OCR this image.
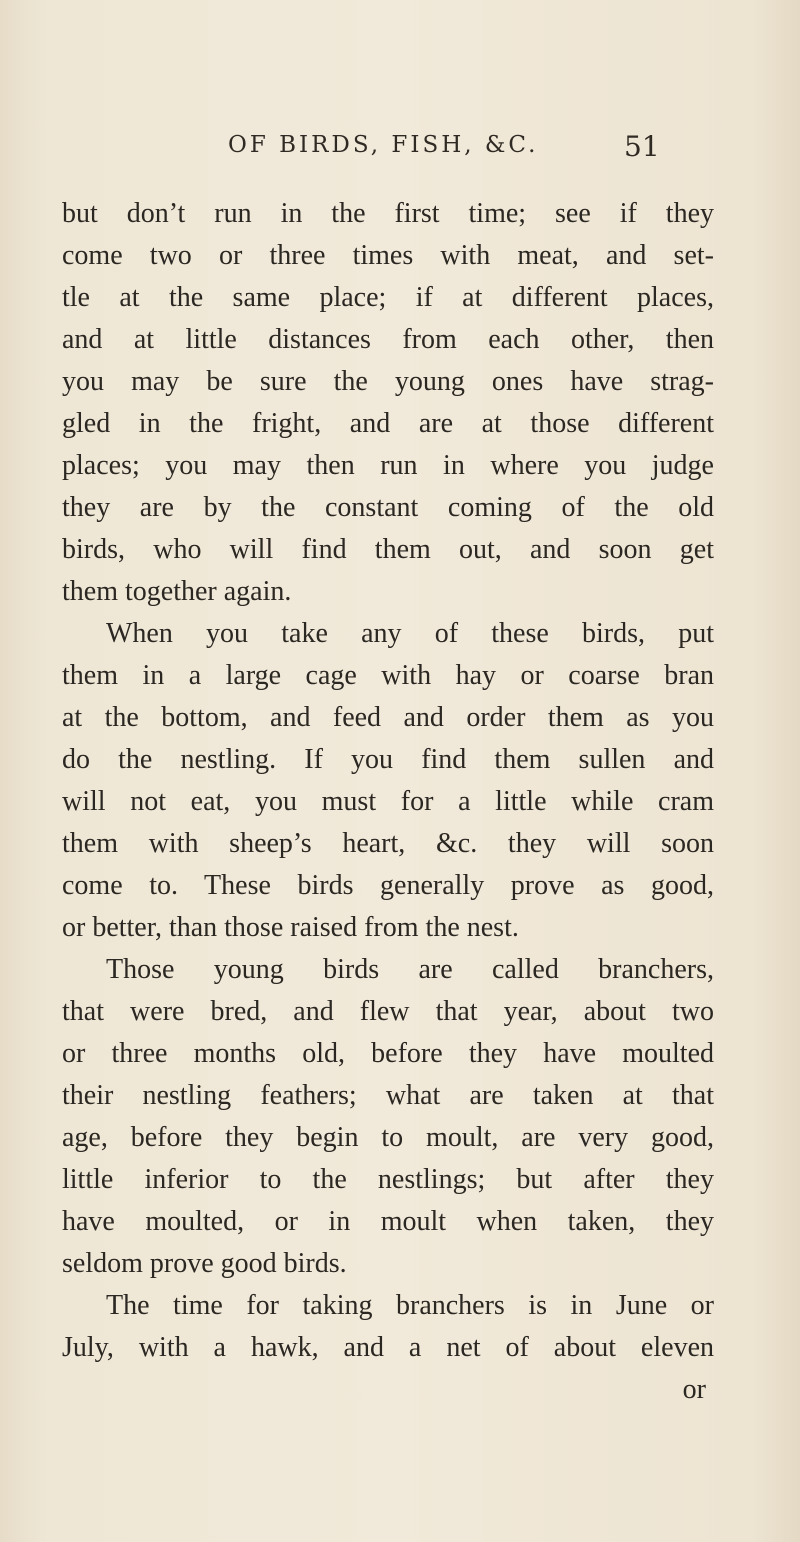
OF BIRDS, FISH, &C.	51
but don’t run in the first time; see if they
come two or three times with meat, and set-
tle at the same place; if at different places,
and at little distances from each other, then
you may be sure the young ones have strag-
gled in the fright, and are at those different
places; you may then run in where you judge
they are by the constant coming of the old
birds, who will find them out, and soon get
them together again.
When you take any of these birds, put
them in a large cage with hay or coarse bran
at the bottom, and feed and order them as you
do the nestling. If you find them sullen and
will not eat, you must for a little while cram
them with sheep’s heart, &c. they will soon
come to. These birds generally prove as good,
or better, than those raised from the nest.
Those young birds are called branchers,
that were bred, and flew that year, about two
or three months old, before they have moulted
their nestling feathers; what are taken at that
age, before they begin to moult, are very good,
little inferior to the nestlings; but after they
have moulted, or in moult when taken, they
seldom prove good birds.
The time for taking branchers is in June or
July, with a hawk, and a net of about eleven
or
